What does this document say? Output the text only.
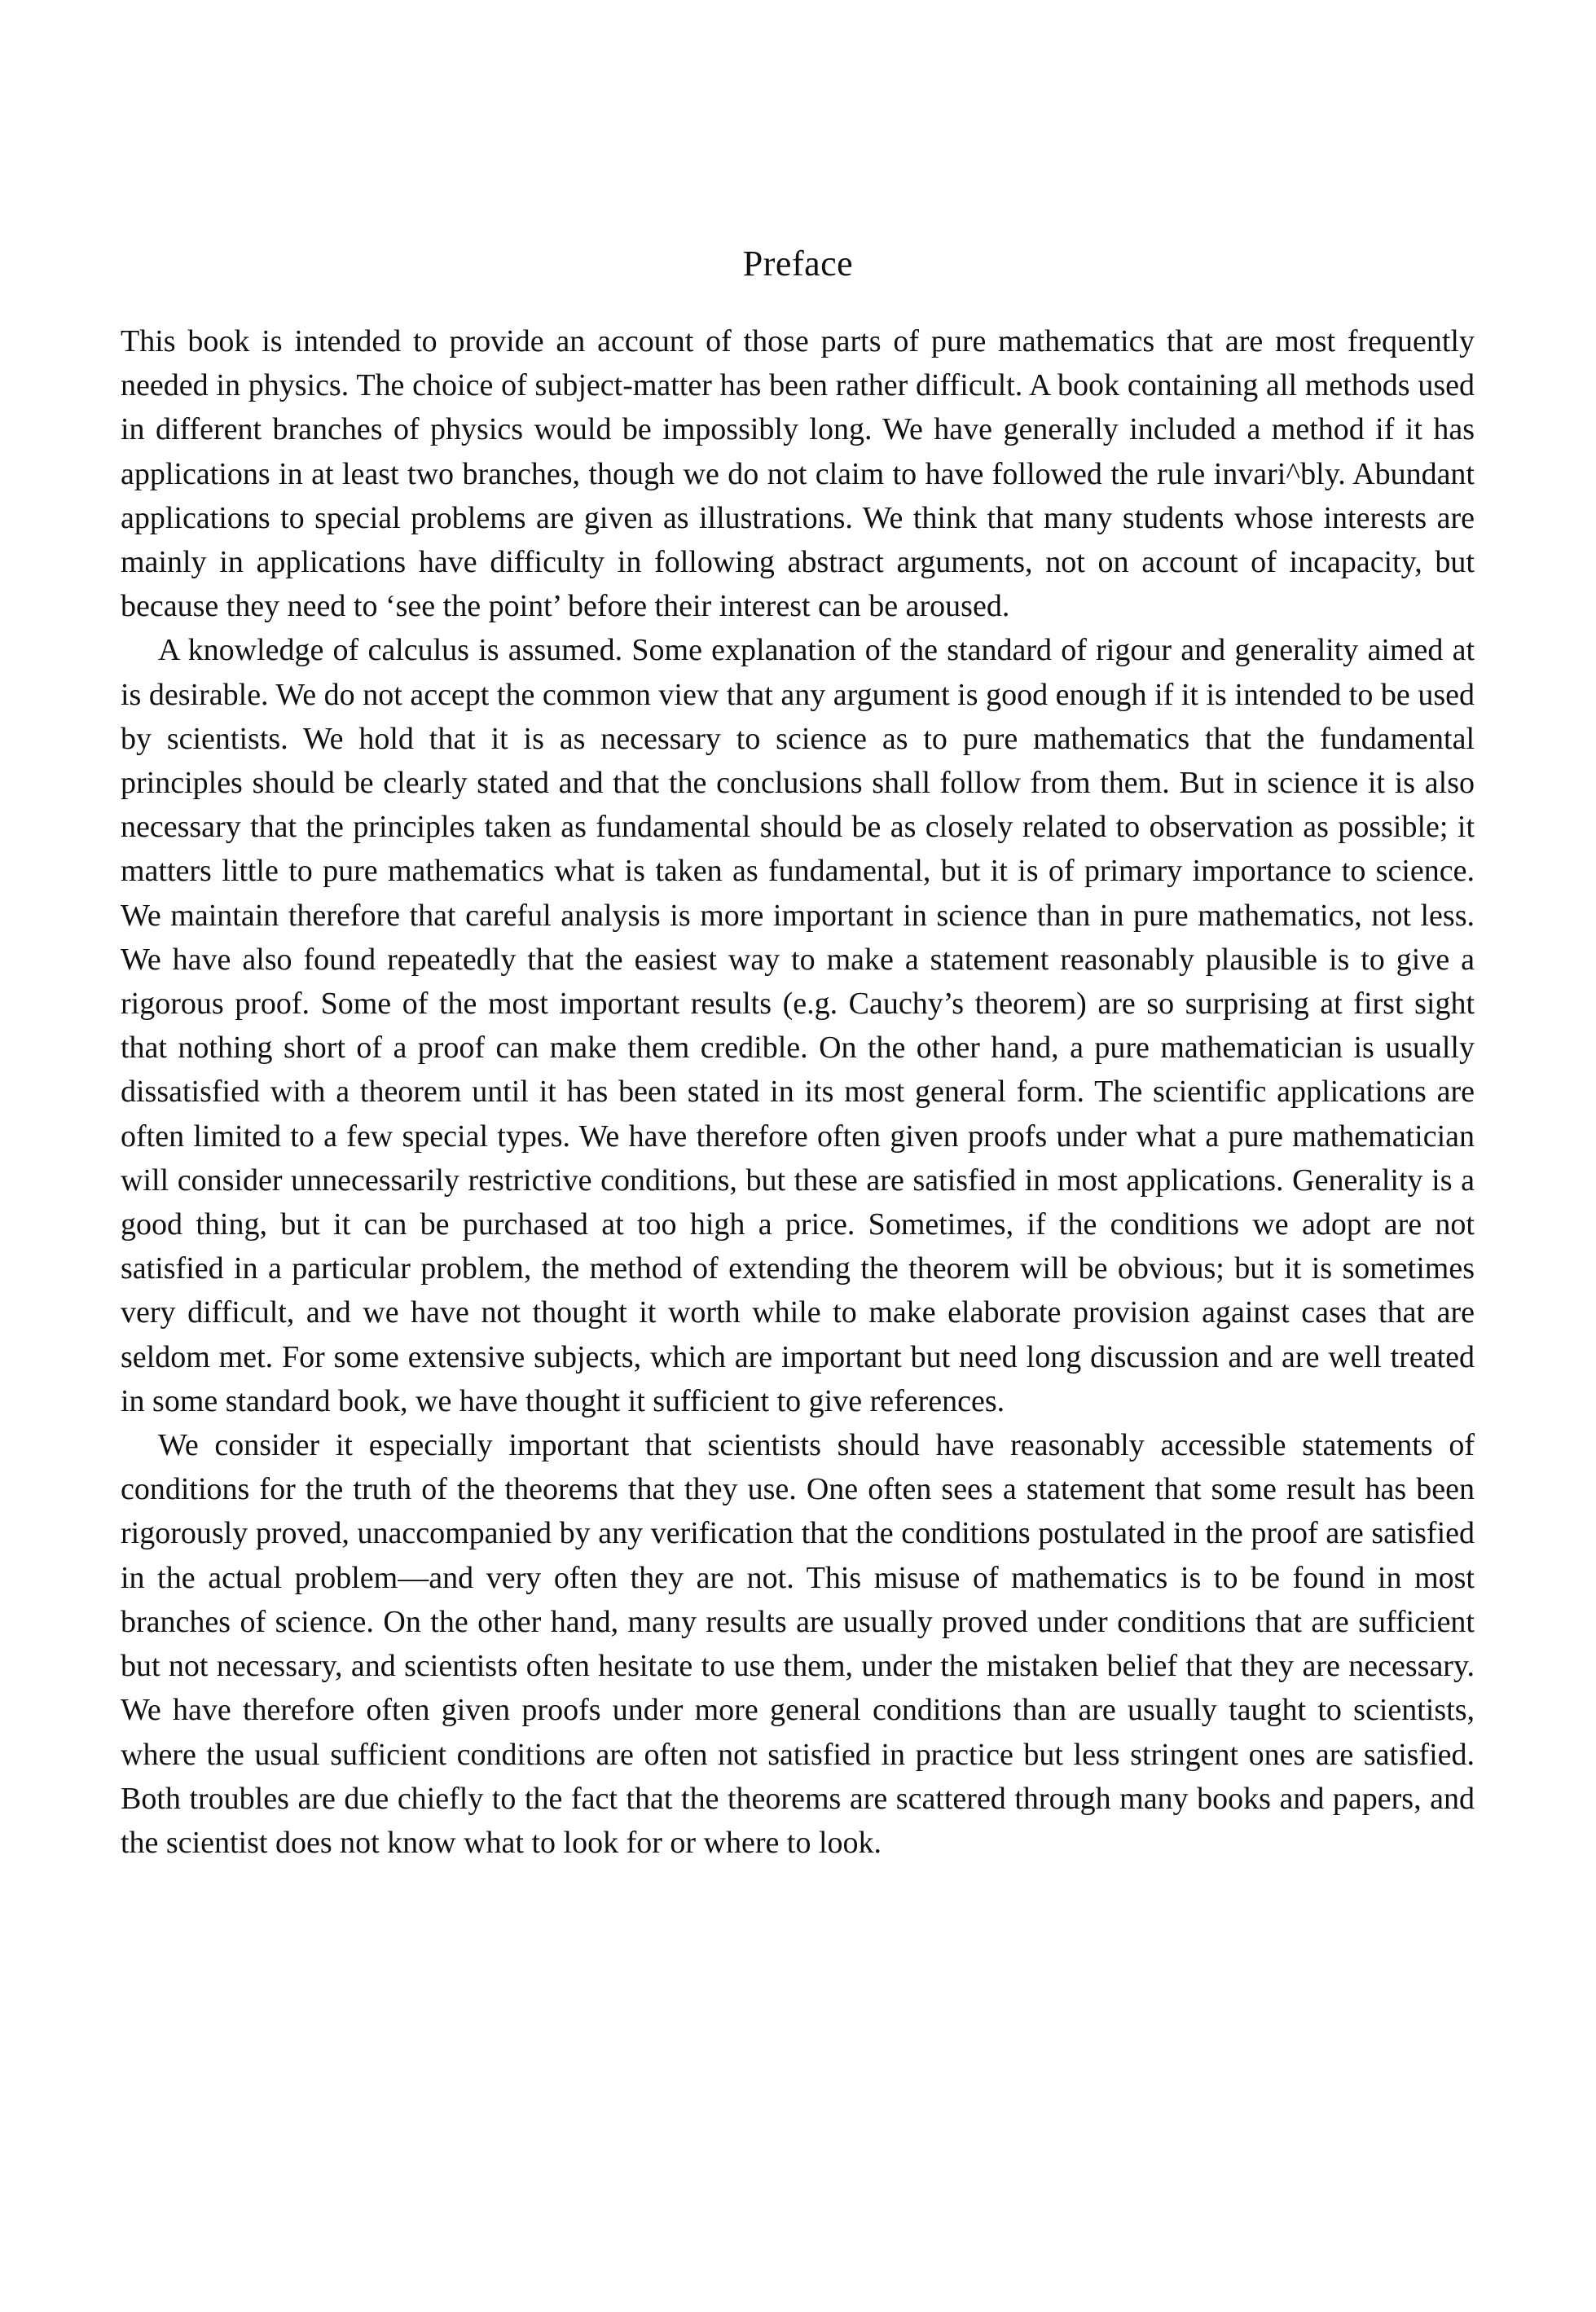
Preface

This book is intended to provide an account of those parts of pure mathematics that are most frequently needed in physics. The choice of subject-matter has been rather difficult. A book containing all methods used in different branches of physics would be impossibly long. We have generally included a method if it has applications in at least two branches, though we do not claim to have followed the rule invari^bly. Abundant applications to special problems are given as illustrations. We think that many students whose interests are mainly in applications have difficulty in following abstract arguments, not on account of incapacity, but because they need to ‘see the point’ before their interest can be aroused.

A knowledge of calculus is assumed. Some explanation of the standard of rigour and generality aimed at is desirable. We do not accept the common view that any argument is good enough if it is intended to be used by scientists. We hold that it is as necessary to science as to pure mathematics that the fundamental principles should be clearly stated and that the conclusions shall follow from them. But in science it is also necessary that the principles taken as fundamental should be as closely related to observation as possible; it matters little to pure mathematics what is taken as fundamental, but it is of primary importance to science. We maintain therefore that careful analysis is more important in science than in pure mathematics, not less. We have also found repeatedly that the easiest way to make a statement reasonably plausible is to give a rigorous proof. Some of the most important results (e.g. Cauchy’s theorem) are so surprising at first sight that nothing short of a proof can make them credible. On the other hand, a pure mathematician is usually dissatisfied with a theorem until it has been stated in its most general form. The scientific applications are often limited to a few special types. We have therefore often given proofs under what a pure mathematician will consider unnecessarily restrictive conditions, but these are satisfied in most applications. Generality is a good thing, but it can be purchased at too high a price. Sometimes, if the conditions we adopt are not satisfied in a particular problem, the method of extending the theorem will be obvious; but it is sometimes very difficult, and we have not thought it worth while to make elaborate provision against cases that are seldom met. For some extensive subjects, which are important but need long discussion and are well treated in some standard book, we have thought it sufficient to give references.

We consider it especially important that scientists should have reasonably accessible statements of conditions for the truth of the theorems that they use. One often sees a statement that some result has been rigorously proved, unaccompanied by any verification that the conditions postulated in the proof are satisfied in the actual problem—and very often they are not. This misuse of mathematics is to be found in most branches of science. On the other hand, many results are usually proved under conditions that are sufficient but not necessary, and scientists often hesitate to use them, under the mistaken belief that they are necessary. We have therefore often given proofs under more general conditions than are usually taught to scientists, where the usual sufficient conditions are often not satisfied in practice but less stringent ones are satisfied. Both troubles are due chiefly to the fact that the theorems are scattered through many books and papers, and the scientist does not know what to look for or where to look.
